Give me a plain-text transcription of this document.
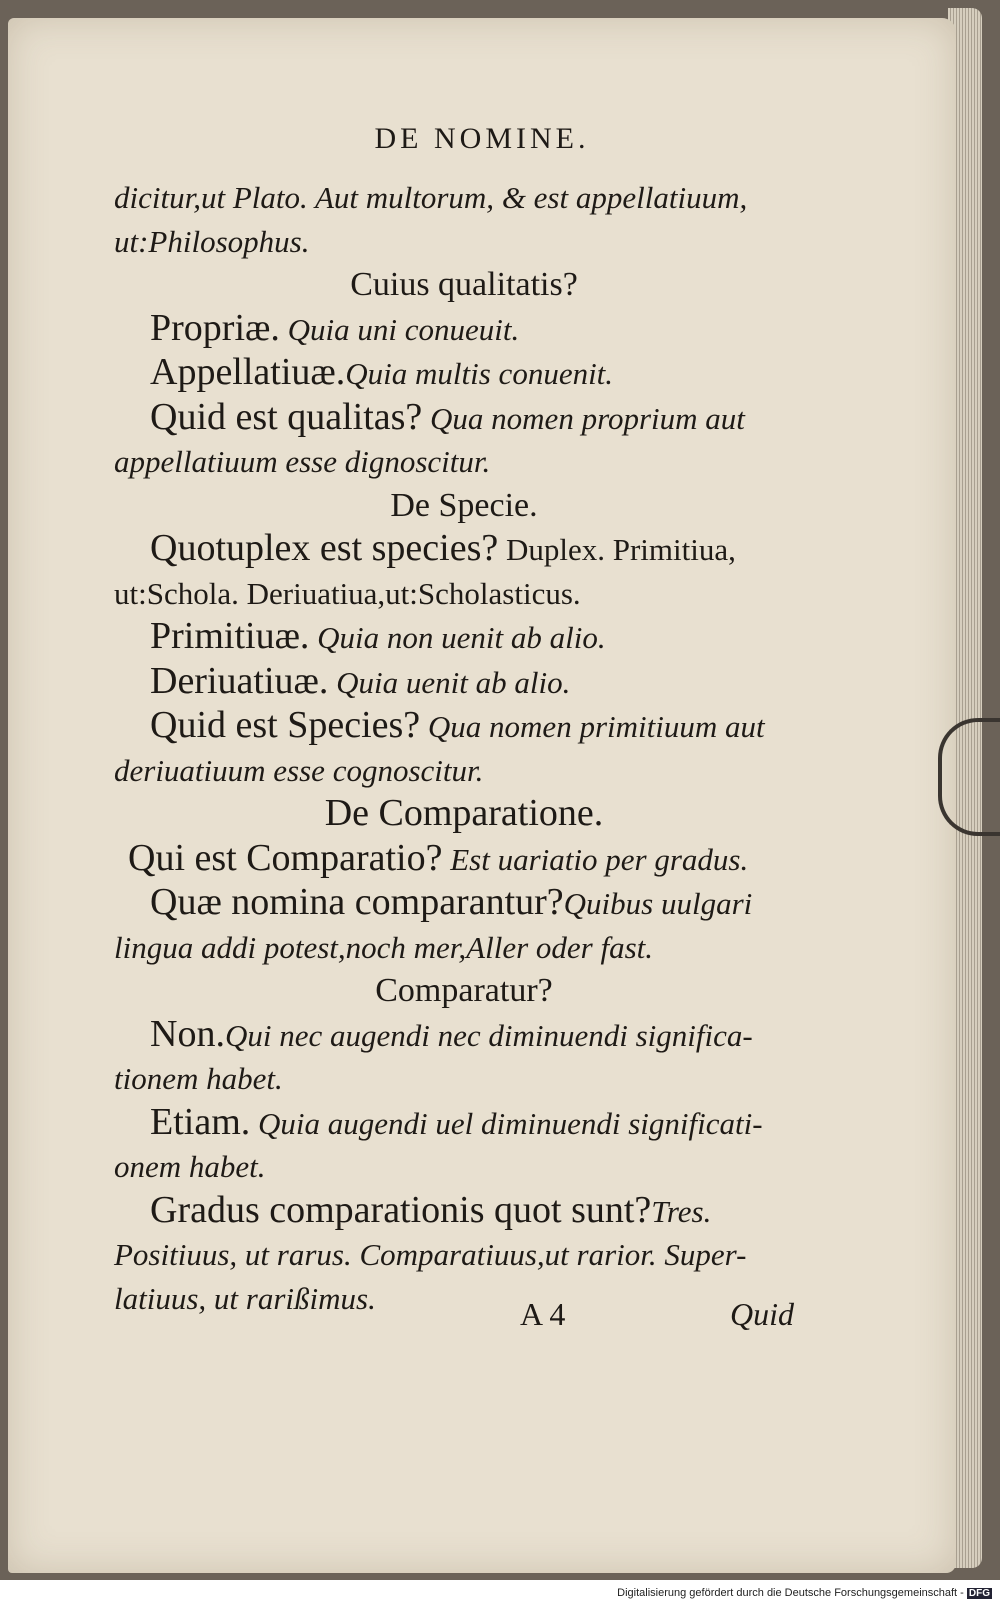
DE NOMINE.
dicitur,ut Plato. Aut multorum, & est appellatiuum,
ut:Philosophus.
Cuius qualitatis?
Propriæ. Quia uni conueuit.
Appellatiuæ.Quia multis conuenit.
Quid est qualitas? Qua nomen proprium aut
appellatiuum esse dignoscitur.
De Specie.
Quotuplex est species? Duplex. Primitiua,
ut:Schola. Deriuatiua,ut:Scholasticus.
Primitiuæ. Quia non uenit ab alio.
Deriuatiuæ. Quia uenit ab alio.
Quid est Species? Qua nomen primitiuum aut
deriuatiuum esse cognoscitur.
De Comparatione.
Qui est Comparatio? Est uariatio per gradus.
Quæ nomina comparantur?Quibus uulgari
lingua addi potest,noch mer,Aller oder fast.
Comparatur?
Non.Qui nec augendi nec diminuendi significa-
tionem habet.
Etiam. Quia augendi uel diminuendi significati-
onem habet.
Gradus comparationis quot sunt?Tres.
Positiuus, ut rarus. Comparatiuus,ut rarior. Super-
latiuus, ut rarißimus.	A 4	Quid
Digitalisierung gefördert durch die Deutsche Forschungsgemeinschaft - DFG
